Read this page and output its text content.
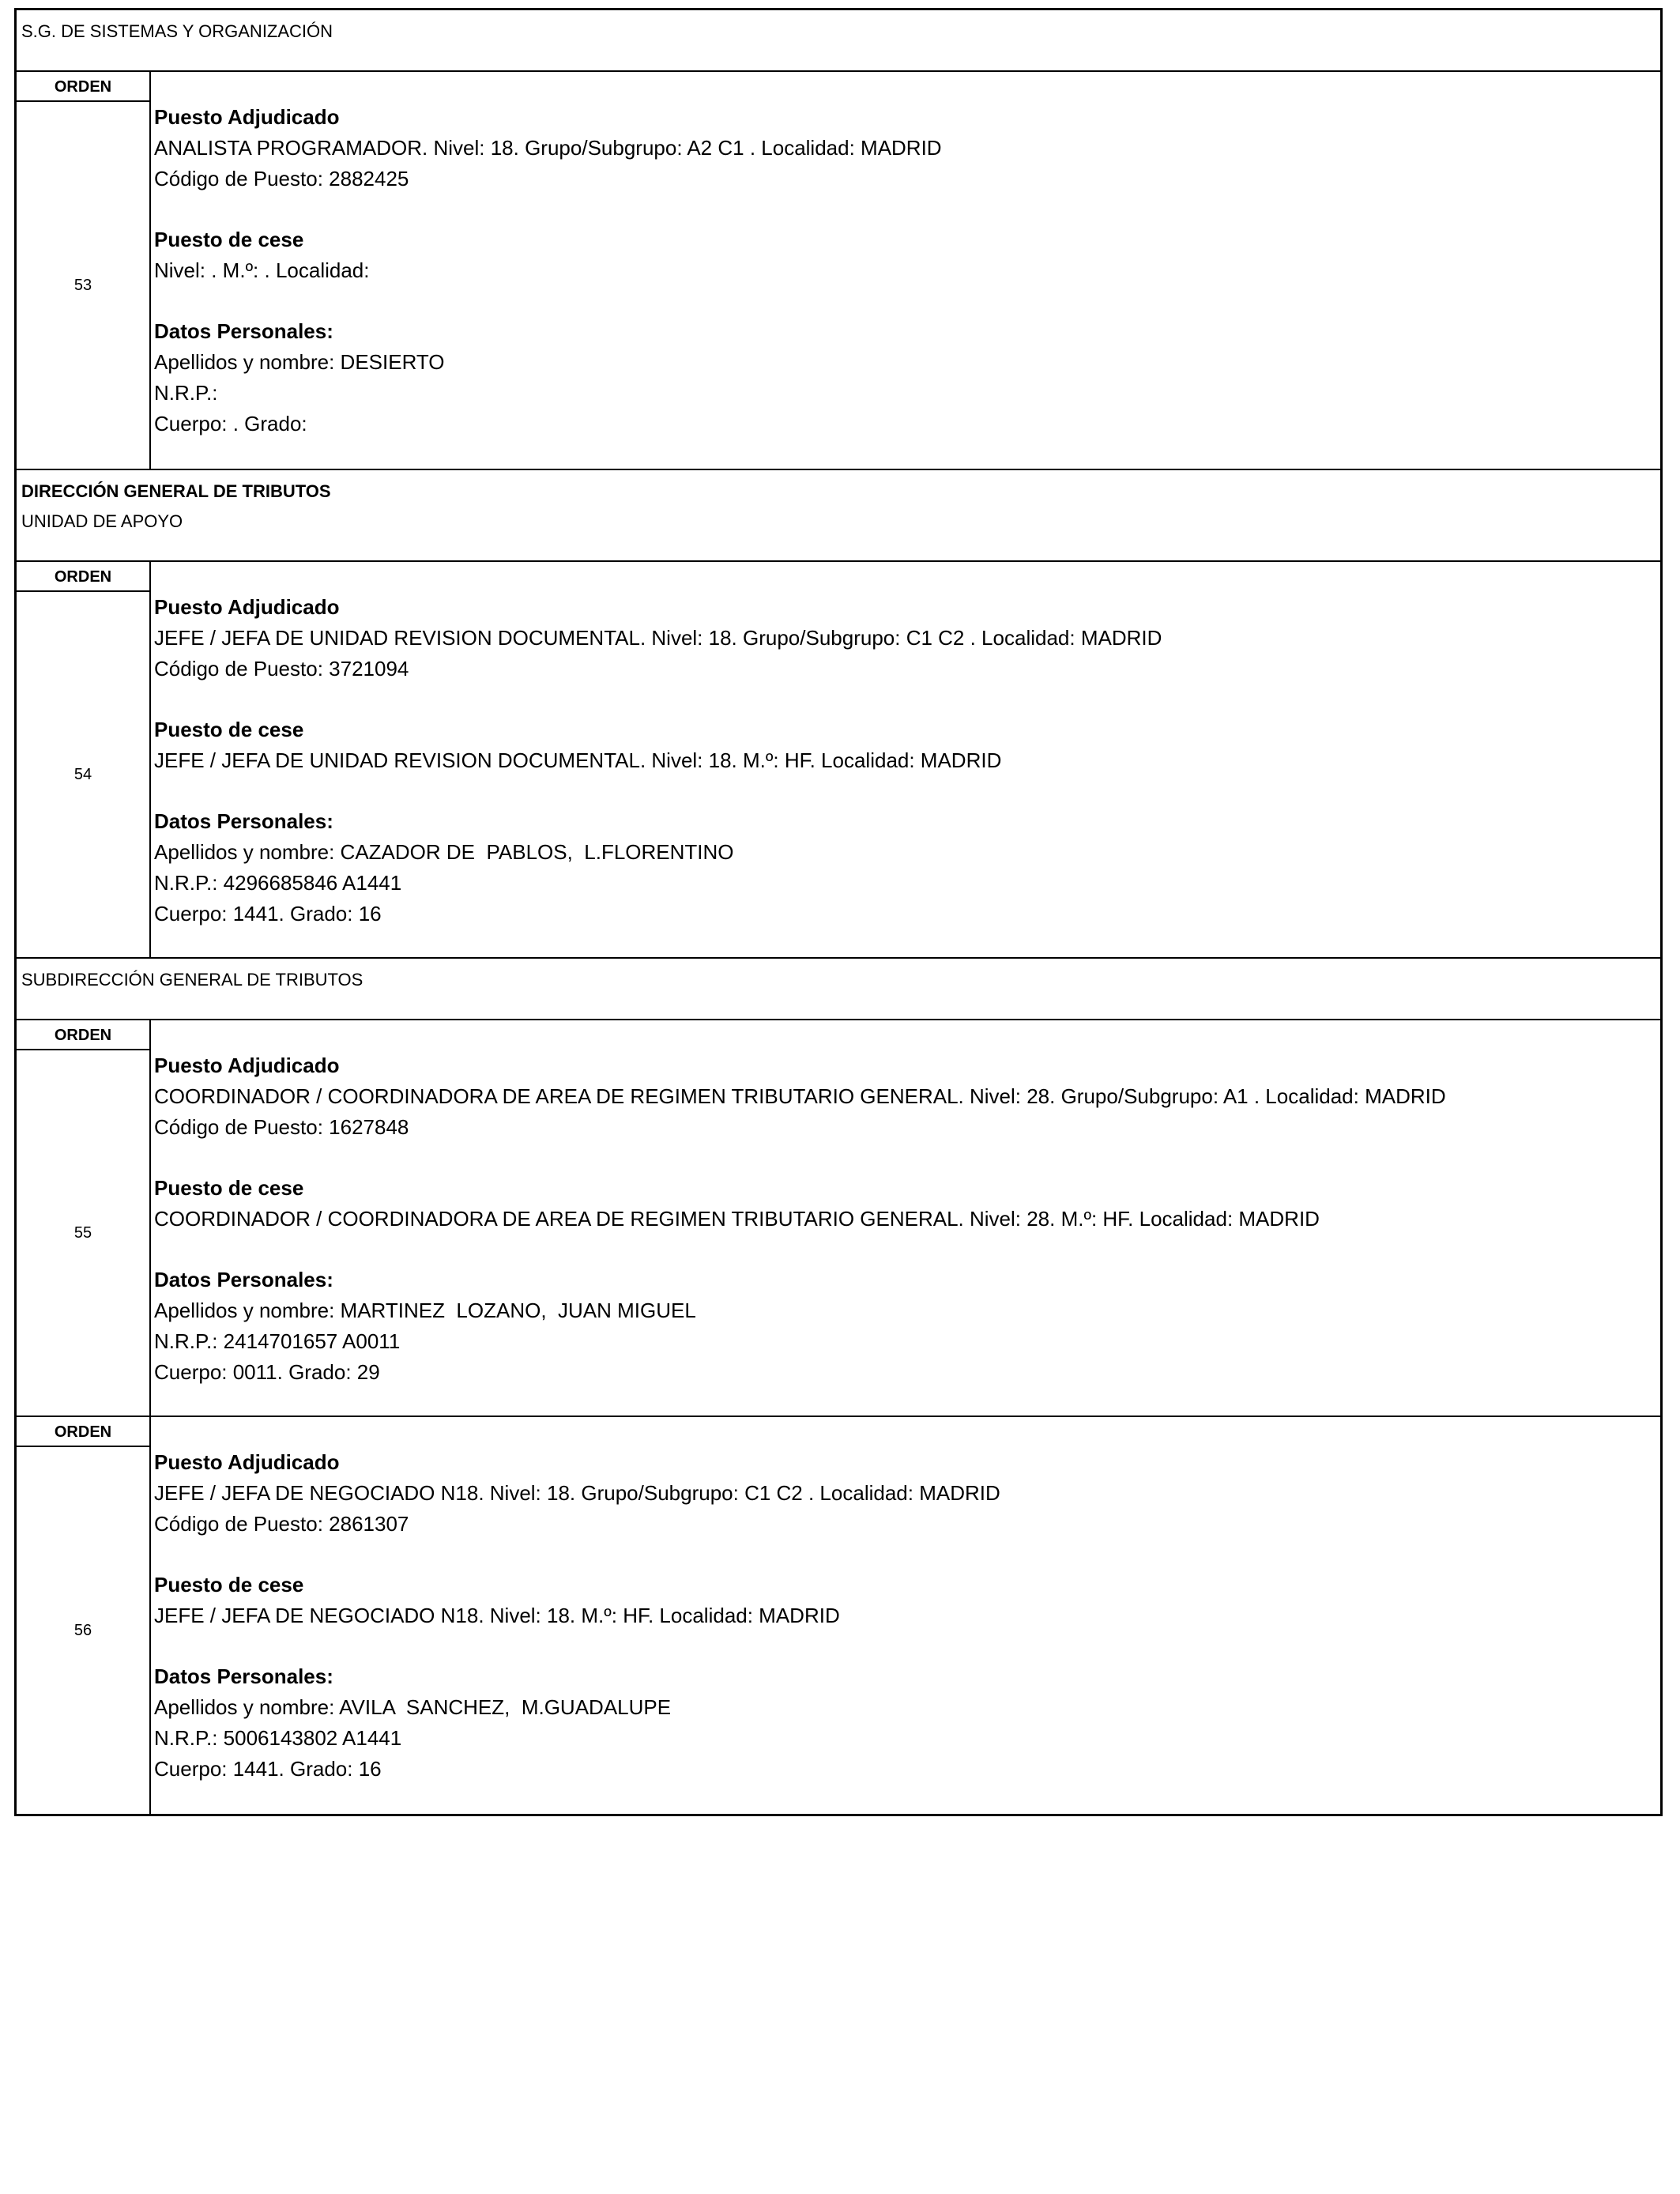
S.G. DE SISTEMAS Y ORGANIZACIÓN
ORDEN
53
Puesto Adjudicado
ANALISTA PROGRAMADOR. Nivel: 18. Grupo/Subgrupo: A2 C1 . Localidad: MADRID
Código de Puesto: 2882425
Puesto de cese
Nivel: . M.º: . Localidad:
Datos Personales:
Apellidos y nombre: DESIERTO
N.R.P.:
Cuerpo: . Grado:
DIRECCIÓN GENERAL DE TRIBUTOS
UNIDAD DE APOYO
ORDEN
54
Puesto Adjudicado
JEFE / JEFA DE UNIDAD REVISION DOCUMENTAL. Nivel: 18. Grupo/Subgrupo: C1 C2 . Localidad: MADRID
Código de Puesto: 3721094
Puesto de cese
JEFE / JEFA DE UNIDAD REVISION DOCUMENTAL. Nivel: 18. M.º: HF. Localidad: MADRID
Datos Personales:
Apellidos y nombre: CAZADOR DE  PABLOS,  L.FLORENTINO
N.R.P.: 4296685846 A1441
Cuerpo: 1441. Grado: 16
SUBDIRECCIÓN GENERAL DE TRIBUTOS
ORDEN
55
Puesto Adjudicado
COORDINADOR / COORDINADORA DE AREA DE REGIMEN TRIBUTARIO GENERAL. Nivel: 28. Grupo/Subgrupo: A1 . Localidad: MADRID
Código de Puesto: 1627848
Puesto de cese
COORDINADOR / COORDINADORA DE AREA DE REGIMEN TRIBUTARIO GENERAL. Nivel: 28. M.º: HF. Localidad: MADRID
Datos Personales:
Apellidos y nombre: MARTINEZ  LOZANO,  JUAN MIGUEL
N.R.P.: 2414701657 A0011
Cuerpo: 0011. Grado: 29
ORDEN
56
Puesto Adjudicado
JEFE / JEFA DE NEGOCIADO N18. Nivel: 18. Grupo/Subgrupo: C1 C2 . Localidad: MADRID
Código de Puesto: 2861307
Puesto de cese
JEFE / JEFA DE NEGOCIADO N18. Nivel: 18. M.º: HF. Localidad: MADRID
Datos Personales:
Apellidos y nombre: AVILA  SANCHEZ,  M.GUADALUPE
N.R.P.: 5006143802 A1441
Cuerpo: 1441. Grado: 16
